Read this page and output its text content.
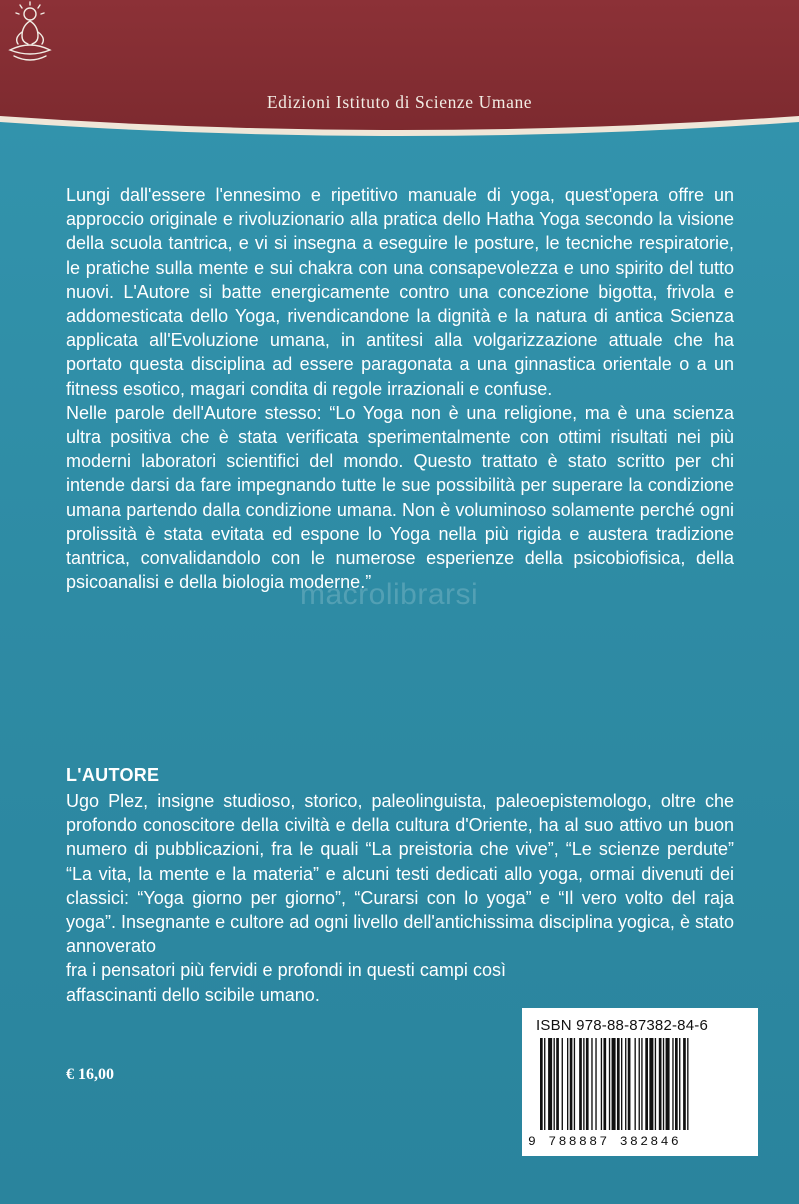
Edizioni Istituto di Scienze Umane
macrolibrarsi

Lungi dall'essere l'ennesimo e ripetitivo manuale di yoga, quest'opera offre un approccio originale e rivoluzionario alla pratica dello Hatha Yoga secondo la visione della scuola tantrica, e vi si insegna a eseguire le posture, le tecniche respiratorie, le pratiche sulla mente e sui chakra con una consapevolezza e uno spirito del tutto nuovi. L'Autore si batte energicamente contro una concezione bigotta, frivola e addomesticata dello Yoga, rivendicandone la dignità e la natura di antica Scienza applicata all'Evoluzione umana, in antitesi alla volgarizzazione attuale che ha portato questa disciplina ad essere paragonata a una ginnastica orientale o a un fitness esotico, magari condita di regole irrazionali e confuse.

Nelle parole dell'Autore stesso: “Lo Yoga non è una religione, ma è una scienza ultra positiva che è stata verificata sperimentalmente con ottimi risultati nei più moderni laboratori scientifici del mondo. Questo trattato è stato scritto per chi intende darsi da fare impegnando tutte le sue possibilità per superare la condizione umana partendo dalla condizione umana. Non è voluminoso solamente perché ogni prolissità è stata evitata ed espone lo Yoga nella più rigida e austera tradizione tantrica, convalidandolo con le numerose esperienze della psicobiofisica, della psicoanalisi e della biologia moderne.”

L'AUTORE

Ugo Plez, insigne studioso, storico, paleolinguista, paleoepistemologo, oltre che profondo conoscitore della civiltà e della cultura d'Oriente, ha al suo attivo un buon numero di pubblicazioni, fra le quali “La preistoria che vive”, “Le scienze perdute” “La vita, la mente e la materia” e alcuni testi dedicati allo yoga, ormai divenuti dei classici: “Yoga giorno per giorno”, “Curarsi con lo yoga” e “Il vero volto del raja yoga”. Insegnante e cultore ad ogni livello dell'antichissima disciplina yogica, è stato annoverato

fra i pensatori più fervidi e profondi in questi campi così affascinanti dello scibile umano.

€ 16,00
ISBN 978-88-87382-84-6
9 788887 382846
